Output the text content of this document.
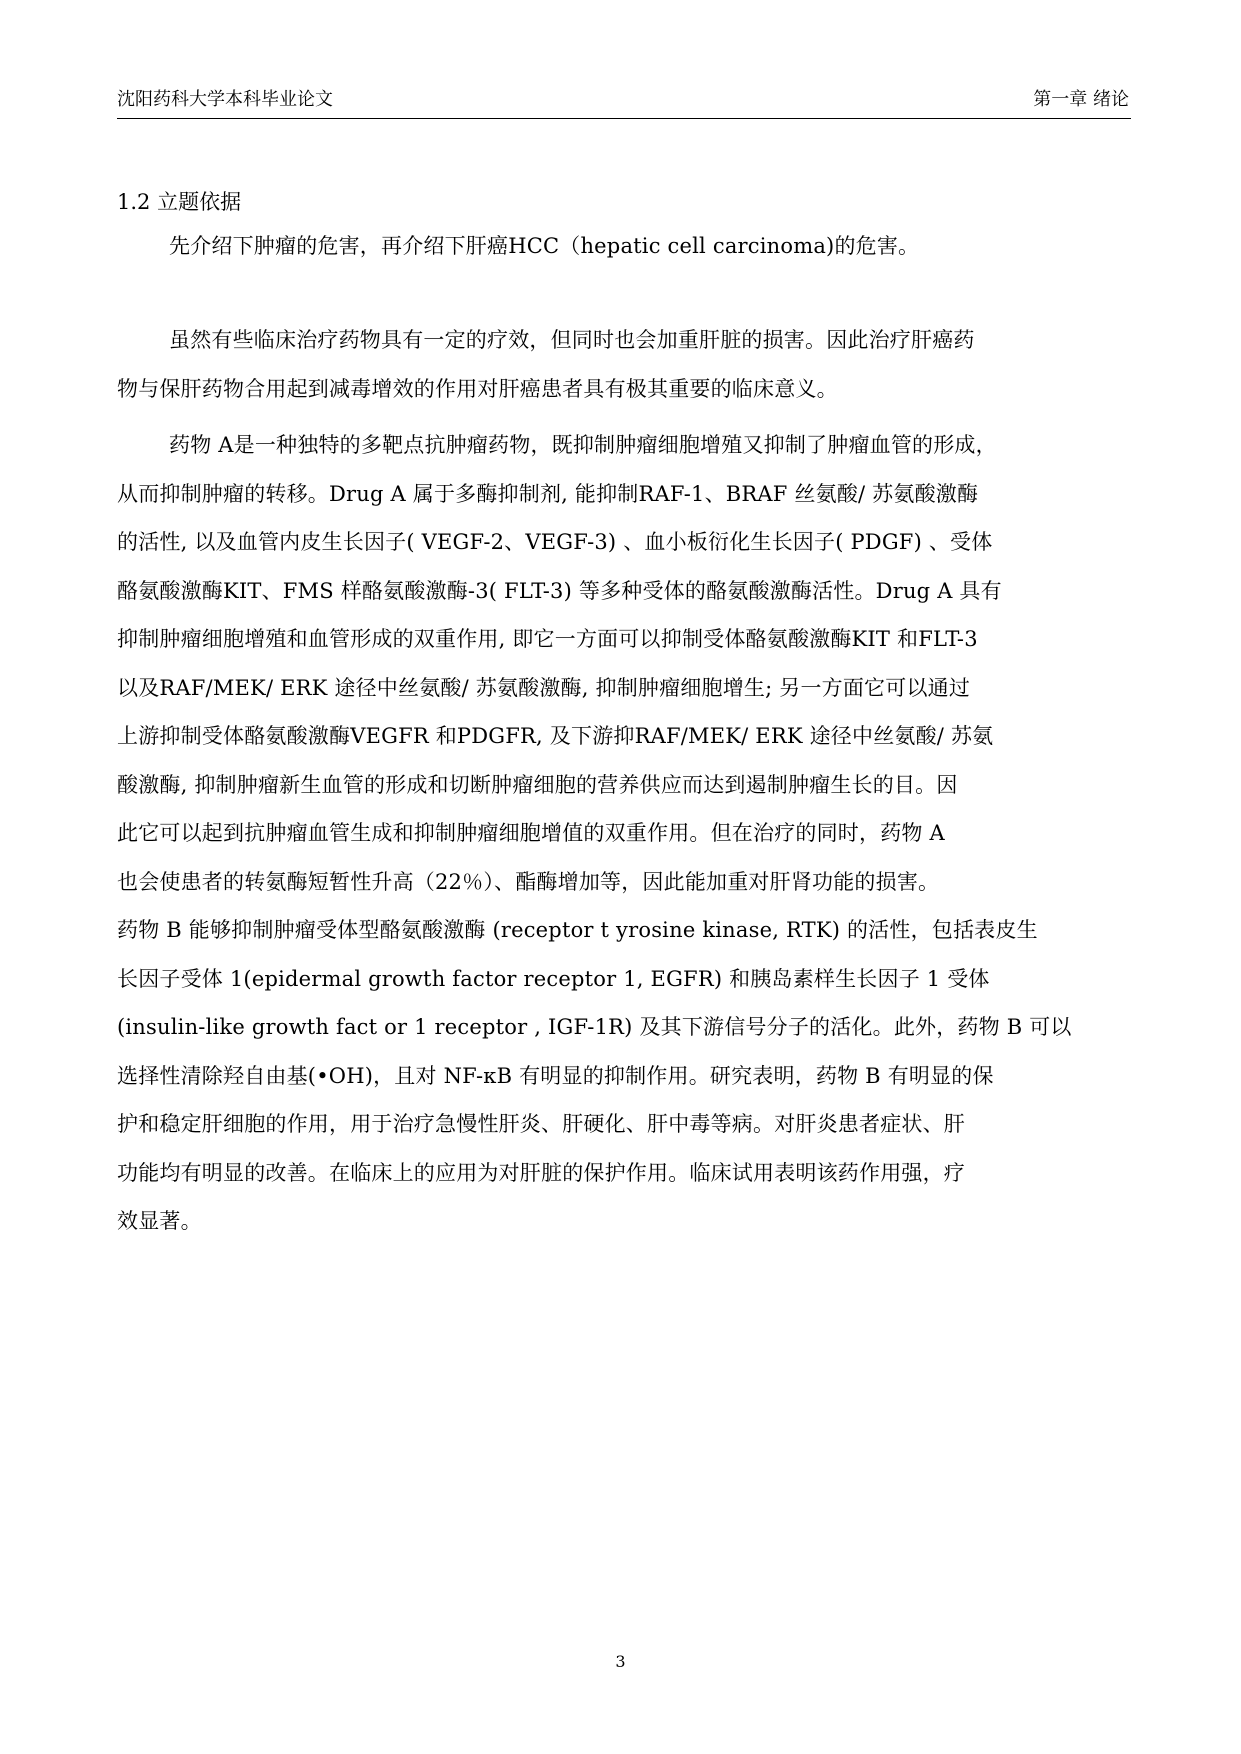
沈阳药科大学本科毕业论文	第一章 绪论
1.2 立题依据
先介绍下肿瘤的危害，再介绍下肝癌HCC（hepatic cell carcinoma)的危害。
虽然有些临床治疗药物具有一定的疗效，但同时也会加重肝脏的损害。因此治疗肝癌药
物与保肝药物合用起到减毒增效的作用对肝癌患者具有极其重要的临床意义。
药物 A是一种独特的多靶点抗肿瘤药物，既抑制肿瘤细胞增殖又抑制了肿瘤血管的形成，
从而抑制肿瘤的转移。Drug A 属于多酶抑制剂, 能抑制RAF-1、BRAF 丝氨酸/ 苏氨酸激酶
的活性, 以及血管内皮生长因子( VEGF-2、VEGF-3) 、血小板衍化生长因子( PDGF) 、受体
酪氨酸激酶KIT、FMS 样酪氨酸激酶-3( FLT-3) 等多种受体的酪氨酸激酶活性。Drug A 具有
抑制肿瘤细胞增殖和血管形成的双重作用, 即它一方面可以抑制受体酪氨酸激酶KIT 和FLT-3
以及RAF/MEK/ ERK 途径中丝氨酸/ 苏氨酸激酶, 抑制肿瘤细胞增生; 另一方面它可以通过
上游抑制受体酪氨酸激酶VEGFR 和PDGFR, 及下游抑RAF/MEK/ ERK 途径中丝氨酸/ 苏氨
酸激酶, 抑制肿瘤新生血管的形成和切断肿瘤细胞的营养供应而达到遏制肿瘤生长的目。因
此它可以起到抗肿瘤血管生成和抑制肿瘤细胞增值的双重作用。但在治疗的同时，药物 A
也会使患者的转氨酶短暂性升高（22％）、酯酶增加等，因此能加重对肝肾功能的损害。
药物 B 能够抑制肿瘤受体型酪氨酸激酶 (receptor t yrosine kinase, RTK) 的活性，包括表皮生
长因子受体 1(epidermal growth factor receptor 1, EGFR) 和胰岛素样生长因子 1 受体
(insulin-like growth fact or 1 receptor , IGF-1R) 及其下游信号分子的活化。此外，药物 B 可以
选择性清除羟自由基(•OH)，且对 NF-κB 有明显的抑制作用。研究表明，药物 B 有明显的保
护和稳定肝细胞的作用，用于治疗急慢性肝炎、肝硬化、肝中毒等病。对肝炎患者症状、肝
功能均有明显的改善。在临床上的应用为对肝脏的保护作用。临床试用表明该药作用强，疗
效显著。
3
